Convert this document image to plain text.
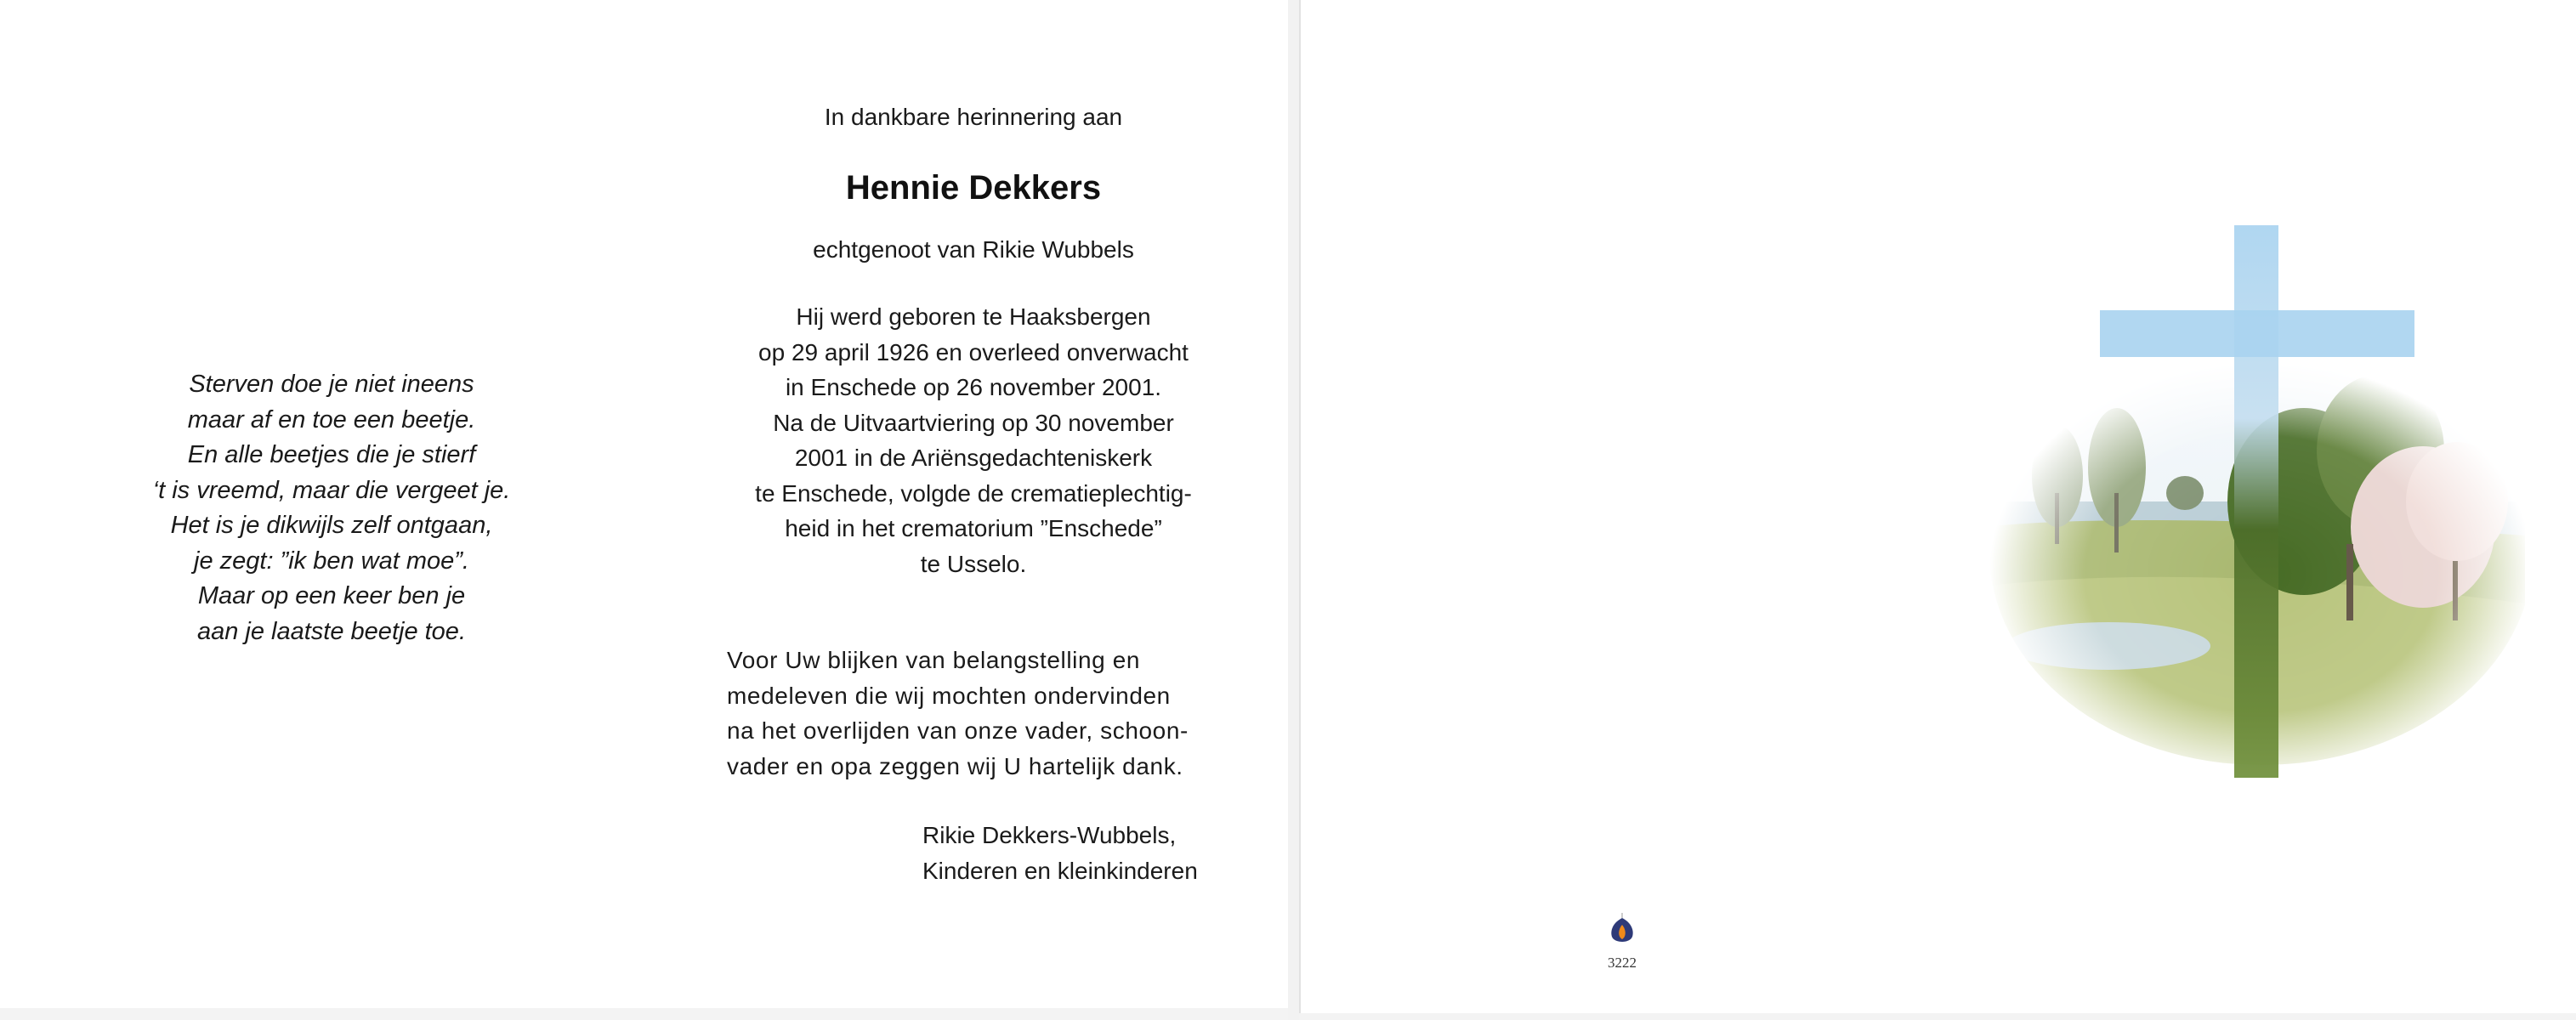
Sterven doe je niet ineens
maar af en toe een beetje.
En alle beetjes die je stierf
‘t is vreemd, maar die vergeet je.
Het is je dikwijls zelf ontgaan,
je zegt: ”ik ben wat moe”.
Maar op een keer ben je
aan je laatste beetje toe.
In dankbare herinnering aan
Hennie Dekkers
echtgenoot van Rikie Wubbels
Hij werd geboren te Haaksbergen
op 29 april 1926 en overleed onverwacht
in Enschede op 26 november 2001.
Na de Uitvaartviering op 30 november
2001 in de Ariënsgedachteniskerk
te Enschede, volgde de crematieplechtig-
heid in het crematorium ”Enschede”
te Usselo.
Voor Uw blijken van belangstelling en
medeleven die wij mochten ondervinden
na het overlijden van onze vader, schoon-
vader en opa zeggen wij U hartelijk dank.
Rikie Dekkers-Wubbels,
Kinderen en kleinkinderen
3222
